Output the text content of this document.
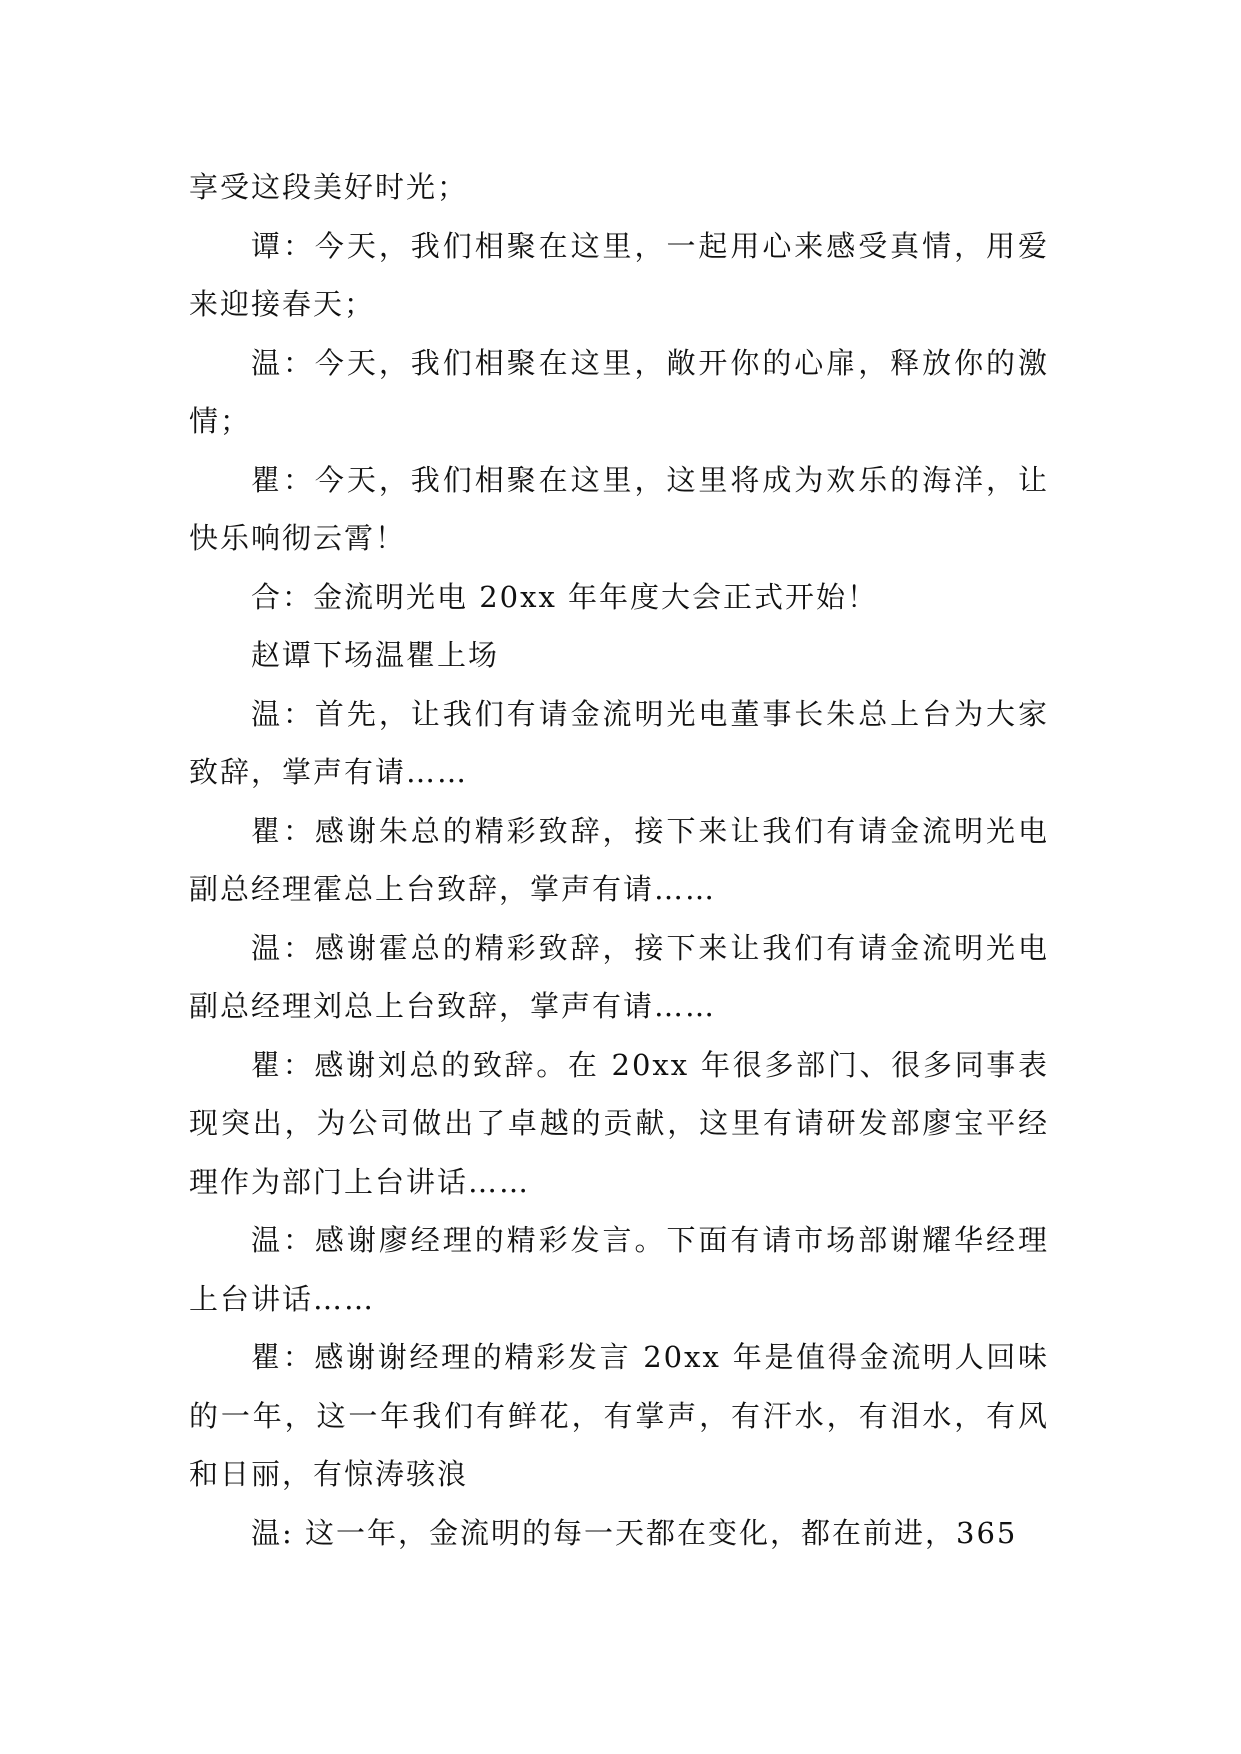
享受这段美好时光；

谭：今天，我们相聚在这里，一起用心来感受真情，用爱来迎接春天；

温：今天，我们相聚在这里，敞开你的心扉，释放你的激情；

瞿：今天，我们相聚在这里，这里将成为欢乐的海洋，让快乐响彻云霄！

合：金流明光电 20xx 年年度大会正式开始！

赵谭下场温瞿上场

温：首先，让我们有请金流明光电董事长朱总上台为大家致辞，掌声有请……

瞿：感谢朱总的精彩致辞，接下来让我们有请金流明光电副总经理霍总上台致辞，掌声有请……

温：感谢霍总的精彩致辞，接下来让我们有请金流明光电副总经理刘总上台致辞，掌声有请……

瞿：感谢刘总的致辞。在 20xx 年很多部门、很多同事表现突出，为公司做出了卓越的贡献，这里有请研发部廖宝平经理作为部门上台讲话……

温：感谢廖经理的精彩发言。下面有请市场部谢耀华经理上台讲话……

瞿：感谢谢经理的精彩发言 20xx 年是值得金流明人回味的一年，这一年我们有鲜花，有掌声，有汗水，有泪水，有风和日丽，有惊涛骇浪

温: 这一年，金流明的每一天都在变化，都在前进，365
